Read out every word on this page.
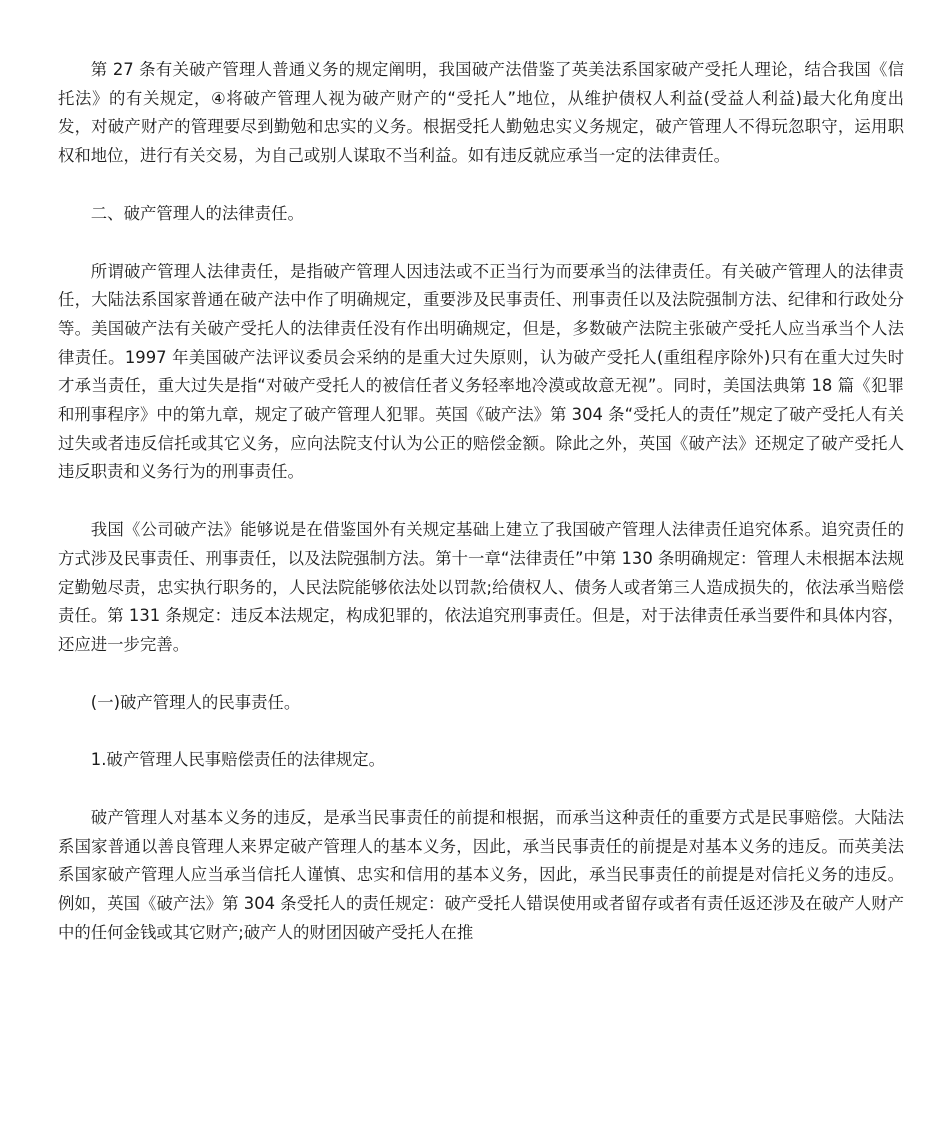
第 27 条有关破产管理人普通义务的规定阐明，我国破产法借鉴了英美法系国家破产受托人理论，结合我国《信托法》的有关规定，④将破产管理人视为破产财产的“受托人”地位，从维护债权人利益(受益人利益)最大化角度出发，对破产财产的管理要尽到勤勉和忠实的义务。根据受托人勤勉忠实义务规定，破产管理人不得玩忽职守，运用职权和地位，进行有关交易，为自己或别人谋取不当利益。如有违反就应承当一定的法律责任。

二、破产管理人的法律责任。

所谓破产管理人法律责任，是指破产管理人因违法或不正当行为而要承当的法律责任。有关破产管理人的法律责任，大陆法系国家普通在破产法中作了明确规定，重要涉及民事责任、刑事责任以及法院强制方法、纪律和行政处分等。美国破产法有关破产受托人的法律责任没有作出明确规定，但是，多数破产法院主张破产受托人应当承当个人法律责任。1997 年美国破产法评议委员会采纳的是重大过失原则，认为破产受托人(重组程序除外)只有在重大过失时才承当责任，重大过失是指“对破产受托人的被信任者义务轻率地冷漠或故意无视”。同时，美国法典第 18 篇《犯罪和刑事程序》中的第九章，规定了破产管理人犯罪。英国《破产法》第 304 条“受托人的责任”规定了破产受托人有关过失或者违反信托或其它义务，应向法院支付认为公正的赔偿金额。除此之外，英国《破产法》还规定了破产受托人违反职责和义务行为的刑事责任。

我国《公司破产法》能够说是在借鉴国外有关规定基础上建立了我国破产管理人法律责任追究体系。追究责任的方式涉及民事责任、刑事责任，以及法院强制方法。第十一章“法律责任”中第 130 条明确规定：管理人未根据本法规定勤勉尽责，忠实执行职务的，人民法院能够依法处以罚款;给债权人、债务人或者第三人造成损失的，依法承当赔偿责任。第 131 条规定：违反本法规定，构成犯罪的，依法追究刑事责任。但是，对于法律责任承当要件和具体内容，还应进一步完善。

(一)破产管理人的民事责任。

1.破产管理人民事赔偿责任的法律规定。

破产管理人对基本义务的违反，是承当民事责任的前提和根据，而承当这种责任的重要方式是民事赔偿。大陆法系国家普通以善良管理人来界定破产管理人的基本义务，因此，承当民事责任的前提是对基本义务的违反。而英美法系国家破产管理人应当承当信托人谨慎、忠实和信用的基本义务，因此，承当民事责任的前提是对信托义务的违反。例如，英国《破产法》第 304 条受托人的责任规定：破产受托人错误使用或者留存或者有责任返还涉及在破产人财产中的任何金钱或其它财产;破产人的财团因破产受托人在推
